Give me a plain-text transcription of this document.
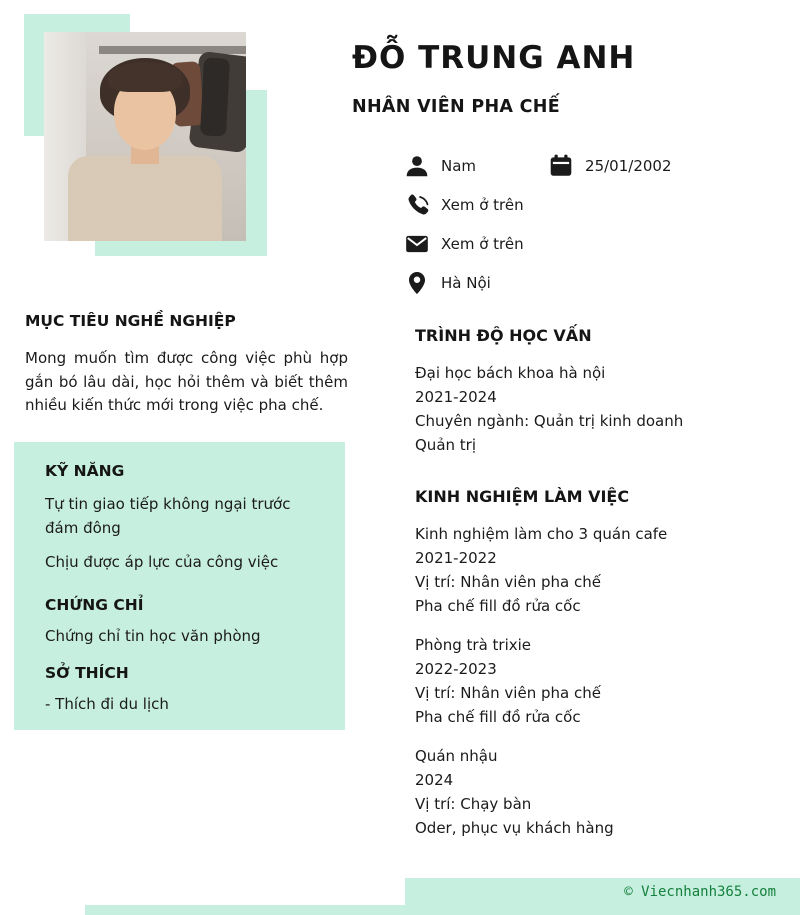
ĐỖ TRUNG ANH
NHÂN VIÊN PHA CHẾ
Nam	25/01/2002
Xem ở trên
Xem ở trên
Hà Nội
MỤC TIÊU NGHỀ NGHIỆP

Mong muốn tìm được công việc phù hợp gắn bó lâu dài, học hỏi thêm và biết thêm nhiều kiến thức mới trong việc pha chế.

KỸ NĂNG
Tự tin giao tiếp không ngại trước đám đông
Chịu được áp lực của công việc
CHỨNG CHỈ
Chứng chỉ tin học văn phòng
SỞ THÍCH
- Thích đi du lịch
TRÌNH ĐỘ HỌC VẤN
Đại học bách khoa hà nội
2021-2024
Chuyên ngành: Quản trị kinh doanh
Quản trị
KINH NGHIỆM LÀM VIỆC
Kinh nghiệm làm cho 3 quán cafe
2021-2022
Vị trí: Nhân viên pha chế
Pha chế fill đồ rửa cốc
Phòng trà trixie
2022-2023
Vị trí: Nhân viên pha chế
Pha chế fill đồ rửa cốc
Quán nhậu
2024
Vị trí: Chạy bàn
Oder, phục vụ khách hàng
© Viecnhanh365.com
